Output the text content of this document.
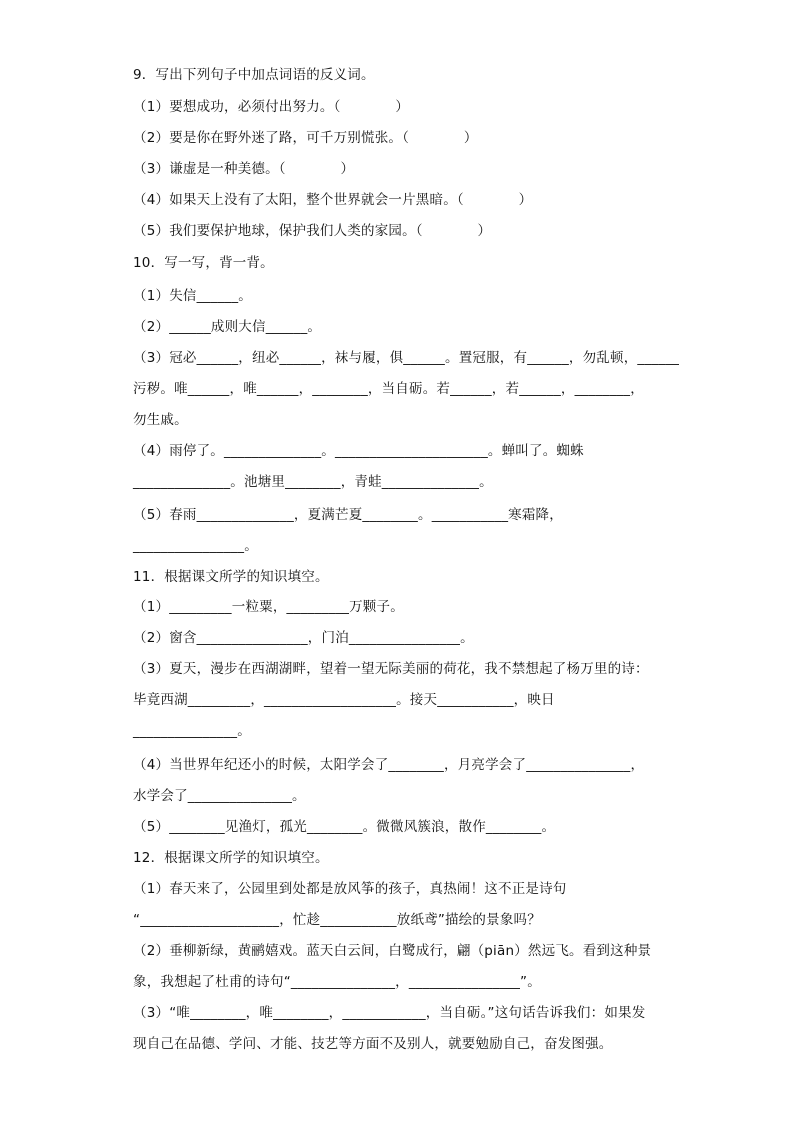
9．写出下列句子中加点词语的反义词。
（1）要想成功，必须付出努力。（　　　　）
（2）要是你在野外迷了路，可千万别慌张。（　　　　）
（3）谦虚是一种美德。（　　　　）
（4）如果天上没有了太阳，整个世界就会一片黑暗。（　　　　）
（5）我们要保护地球，保护我们人类的家园。（　　　　）
10．写一写，背一背。
（1）失信______。
（2）______成则大信______。
（3）冠必______，纽必______，袜与履，俱______。置冠服，有______，勿乱顿，______
污秽。唯______，唯______，________，当自砺。若______，若______，________，
勿生戚。
（4）雨停了。______________。______________________。蝉叫了。蜘蛛
______________。池塘里________，青蛙______________。
（5）春雨______________，夏满芒夏________。___________寒霜降，
________________。
11．根据课文所学的知识填空。
（1）_________一粒粟，_________万颗子。
（2）窗含________________，门泊________________。
（3）夏天，漫步在西湖湖畔，望着一望无际美丽的荷花，我不禁想起了杨万里的诗：
毕竟西湖_________，___________________。接天___________，映日
_______________。
（4）当世界年纪还小的时候，太阳学会了________，月亮学会了_______________，
水学会了_______________。
（5）________见渔灯，孤光________。微微风簇浪，散作________。
12．根据课文所学的知识填空。
（1）春天来了，公园里到处都是放风筝的孩子，真热闹！这不正是诗句
“____________________，忙趁___________放纸鸢”描绘的景象吗？
（2）垂柳新绿，黄鹂嬉戏。蓝天白云间，白鹭成行，翩（piān）然远飞。看到这种景
象，我想起了杜甫的诗句“_______________，________________”。
（3）“唯________，唯________，____________，当自砺。”这句话告诉我们：如果发
现自己在品德、学问、才能、技艺等方面不及别人，就要勉励自己，奋发图强。
